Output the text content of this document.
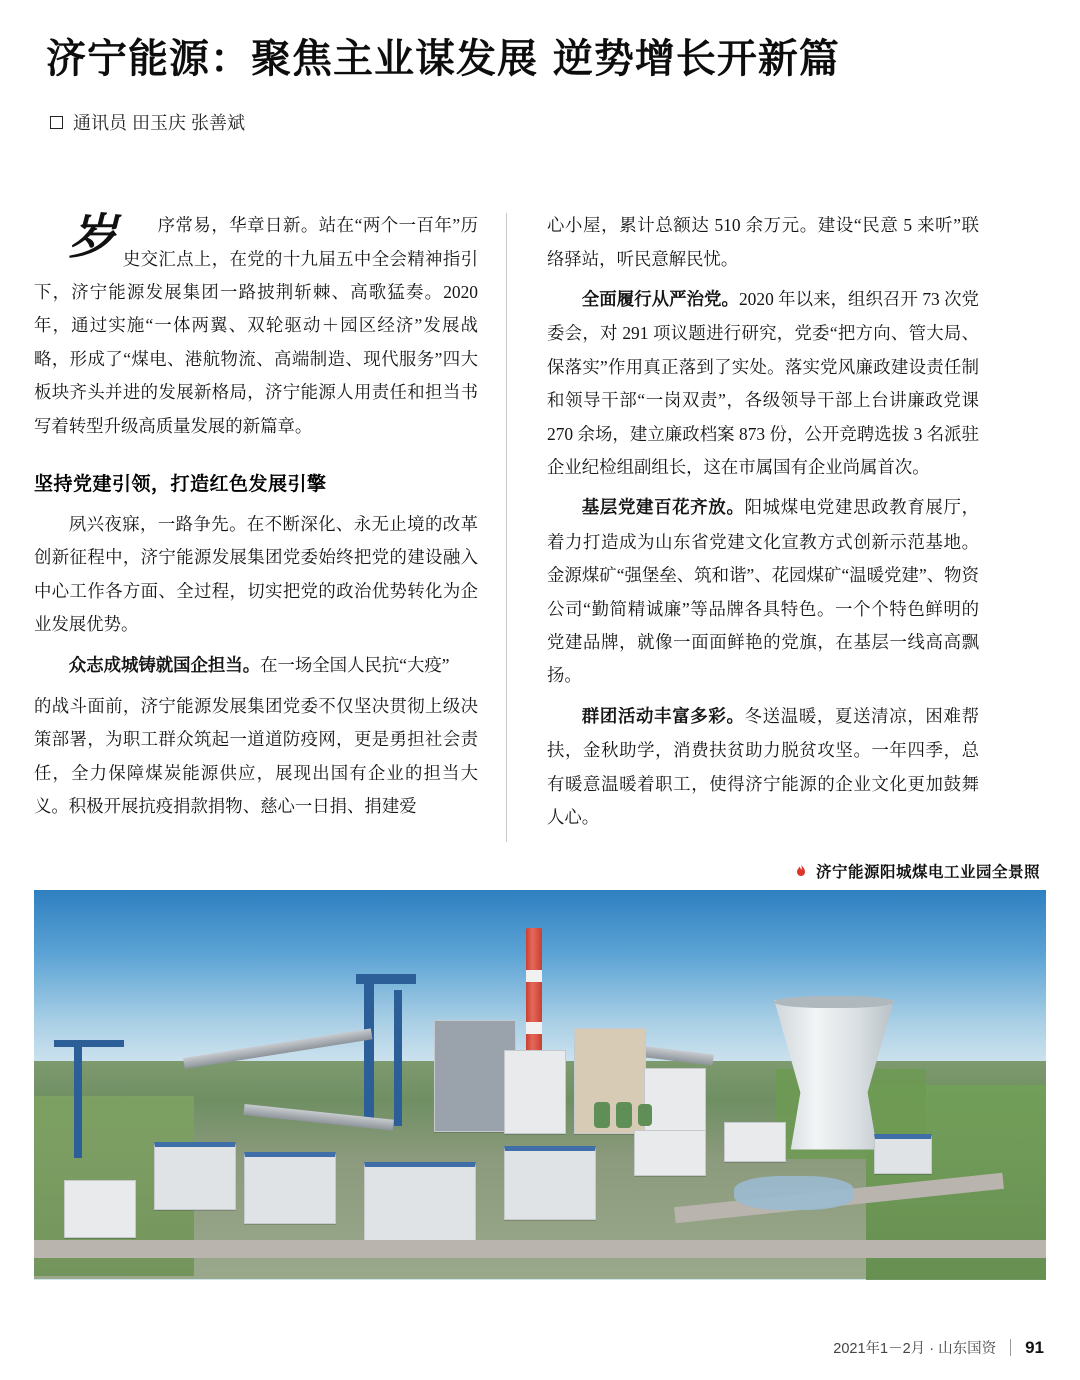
济宁能源：聚焦主业谋发展 逆势增长开新篇
通讯员 田玉庆 张善斌

岁 序常易，华章日新。站在“两个一百年”历史交汇点上，在党的十九届五中全会精神指引下，济宁能源发展集团一路披荆斩棘、高歌猛奏。2020 年，通过实施“一体两翼、双轮驱动＋园区经济”发展战略，形成了“煤电、港航物流、高端制造、现代服务”四大板块齐头并进的发展新格局，济宁能源人用责任和担当书写着转型升级高质量发展的新篇章。

坚持党建引领，打造红色发展引擎

夙兴夜寐，一路争先。在不断深化、永无止境的改革创新征程中，济宁能源发展集团党委始终把党的建设融入中心工作各方面、全过程，切实把党的政治优势转化为企业发展优势。

众志成城铸就国企担当。在一场全国人民抗“大疫”

的战斗面前，济宁能源发展集团党委不仅坚决贯彻上级决策部署，为职工群众筑起一道道防疫网，更是勇担社会责任，全力保障煤炭能源供应，展现出国有企业的担当大义。积极开展抗疫捐款捐物、慈心一日捐、捐建爱

心小屋，累计总额达 510 余万元。建设“民意 5 来听”联络驿站，听民意解民忧。

全面履行从严治党。2020 年以来，组织召开 73 次党委会，对 291 项议题进行研究，党委“把方向、管大局、保落实”作用真正落到了实处。落实党风廉政建设责任制和领导干部“一岗双责”，各级领导干部上台讲廉政党课 270 余场，建立廉政档案 873 份，公开竞聘选拔 3 名派驻企业纪检组副组长，这在市属国有企业尚属首次。

基层党建百花齐放。阳城煤电党建思政教育展厅，着力打造成为山东省党建文化宣教方式创新示范基地。金源煤矿“强堡垒、筑和谐”、花园煤矿“温暖党建”、物资公司“勤简精诚廉”等品牌各具特色。一个个特色鲜明的党建品牌，就像一面面鲜艳的党旗，在基层一线高高飘扬。

群团活动丰富多彩。冬送温暖，夏送清凉，困难帮扶，金秋助学，消费扶贫助力脱贫攻坚。一年四季，总有暖意温暖着职工，使得济宁能源的企业文化更加鼓舞人心。

济宁能源阳城煤电工业园全景照
2021年1－2月 · 山东国资 91
